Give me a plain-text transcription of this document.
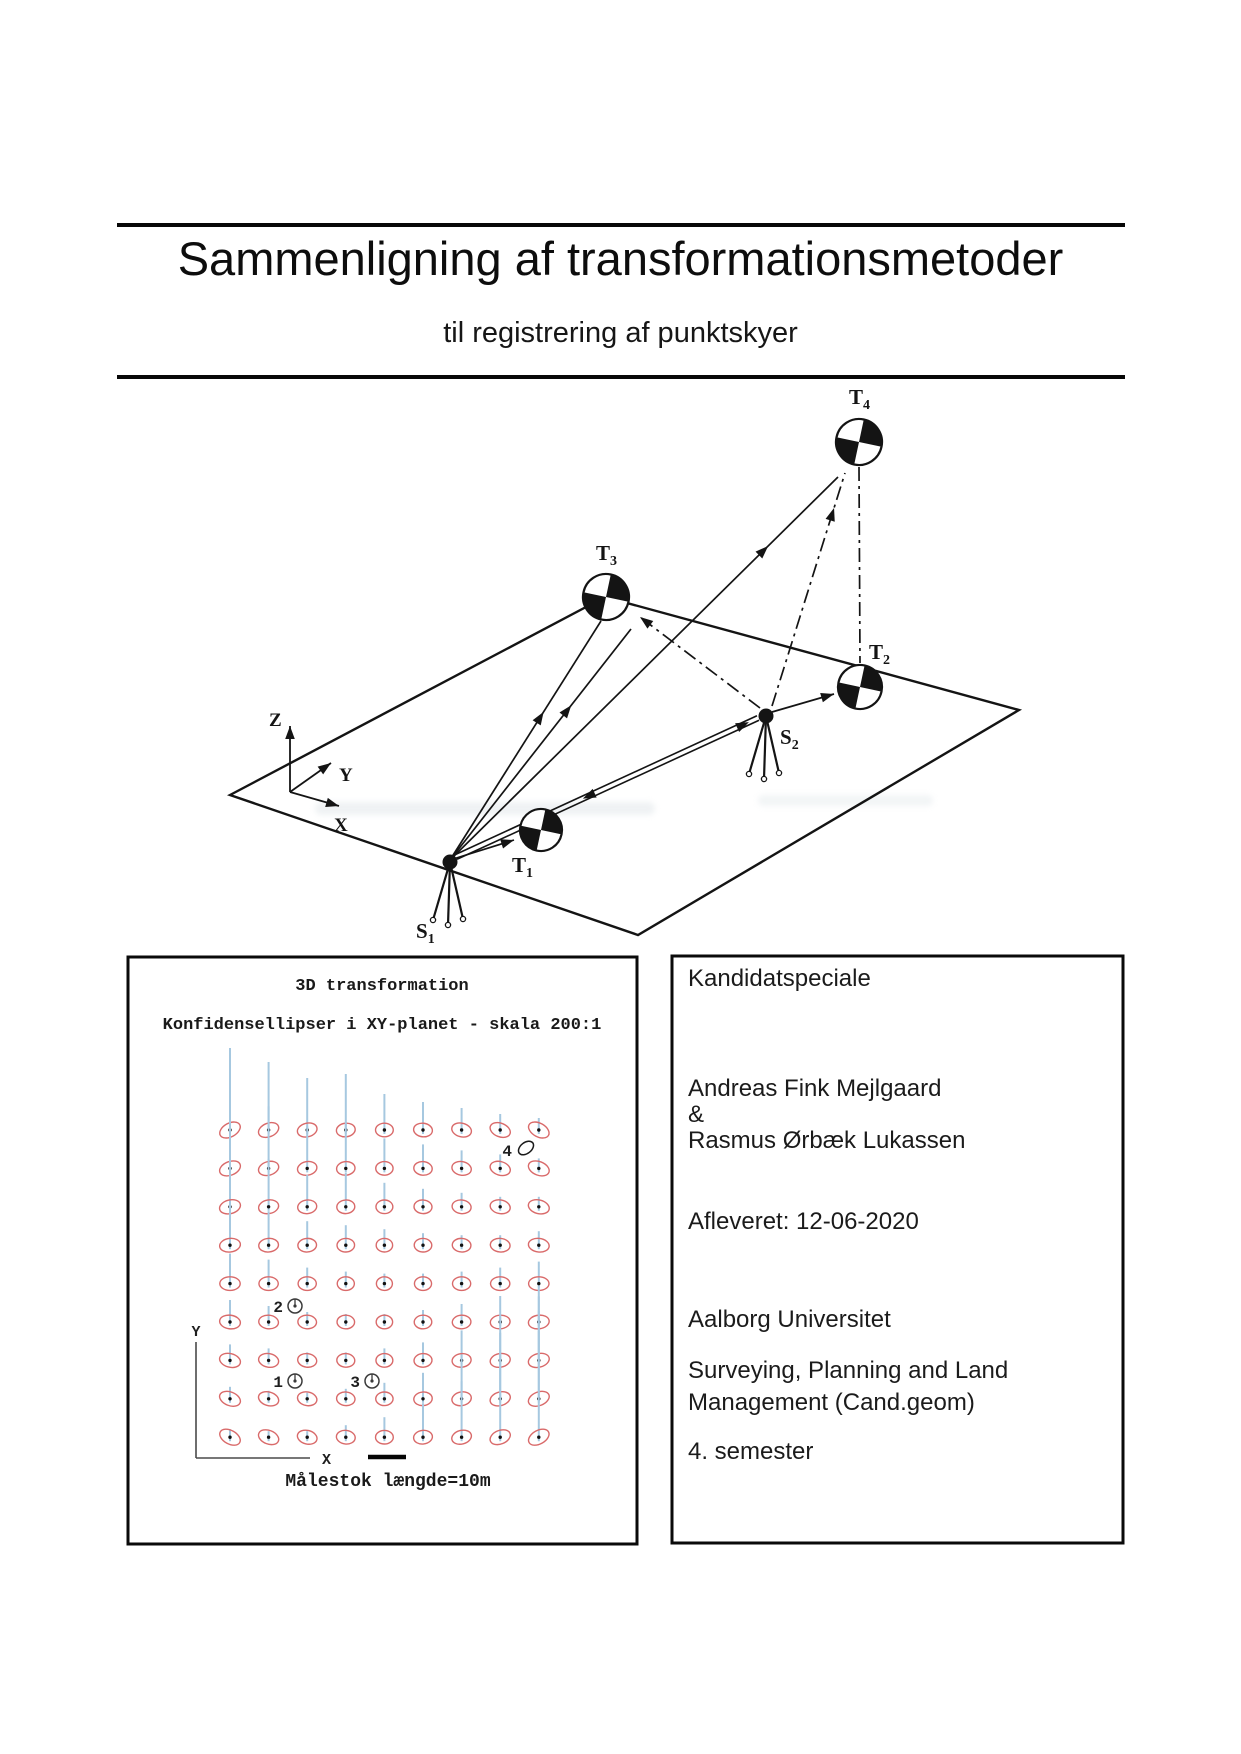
Sammenligning af transformationsmetoder
til registrering af punktskyer
Z
Y
X
$S_1$
$S_2$
$T_4$
$T_3$
$T_2$
$T_1$
1
2
3
4
X
Y
3D transformation
Konfidensellipser i XY-planet - skala 200:1
Målestok længde=10m
Kandidatspeciale
Andreas Fink Mejlgaard
&
Rasmus Ørbæk Lukassen
Afleveret: 12-06-2020
Aalborg Universitet
Surveying, Planning and Land
Management (Cand.geom)
4. semester
